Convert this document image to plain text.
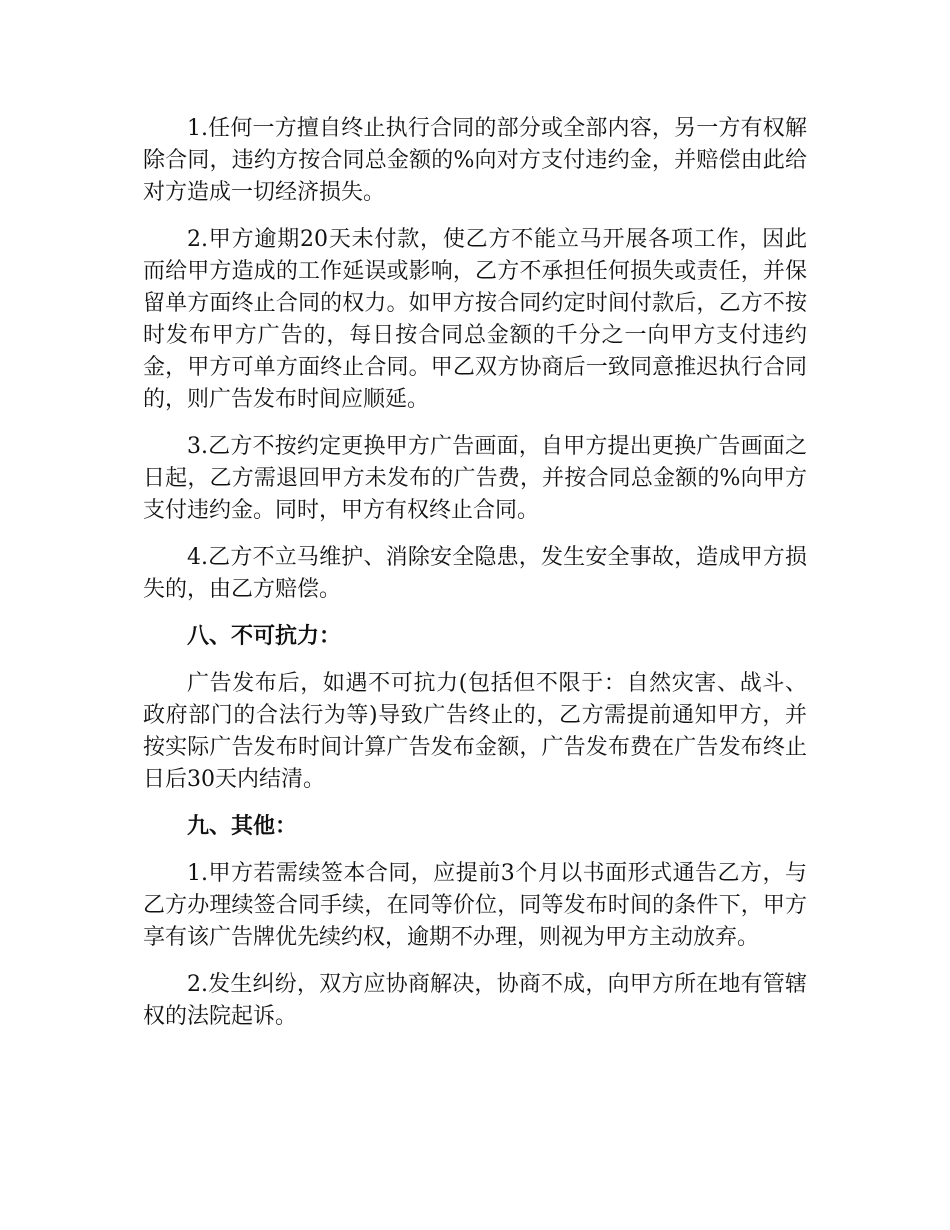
1.任何一方擅自终止执行合同的部分或全部内容，另一方有权解除合同，违约方按合同总金额的%向对方支付违约金，并赔偿由此给对方造成一切经济损失。

2.甲方逾期20天未付款，使乙方不能立马开展各项工作，因此而给甲方造成的工作延误或影响，乙方不承担任何损失或责任，并保留单方面终止合同的权力。如甲方按合同约定时间付款后，乙方不按时发布甲方广告的，每日按合同总金额的千分之一向甲方支付违约金，甲方可单方面终止合同。甲乙双方协商后一致同意推迟执行合同的，则广告发布时间应顺延。

3.乙方不按约定更换甲方广告画面，自甲方提出更换广告画面之日起，乙方需退回甲方未发布的广告费，并按合同总金额的%向甲方支付违约金。同时，甲方有权终止合同。

4.乙方不立马维护、消除安全隐患，发生安全事故，造成甲方损失的，由乙方赔偿。

八、不可抗力：

广告发布后，如遇不可抗力(包括但不限于：自然灾害、战斗、政府部门的合法行为等)导致广告终止的，乙方需提前通知甲方，并按实际广告发布时间计算广告发布金额，广告发布费在广告发布终止日后30天内结清。

九、其他：

1.甲方若需续签本合同，应提前3个月以书面形式通告乙方，与乙方办理续签合同手续，在同等价位，同等发布时间的条件下，甲方享有该广告牌优先续约权，逾期不办理，则视为甲方主动放弃。

2.发生纠纷，双方应协商解决，协商不成，向甲方所在地有管辖权的法院起诉。
